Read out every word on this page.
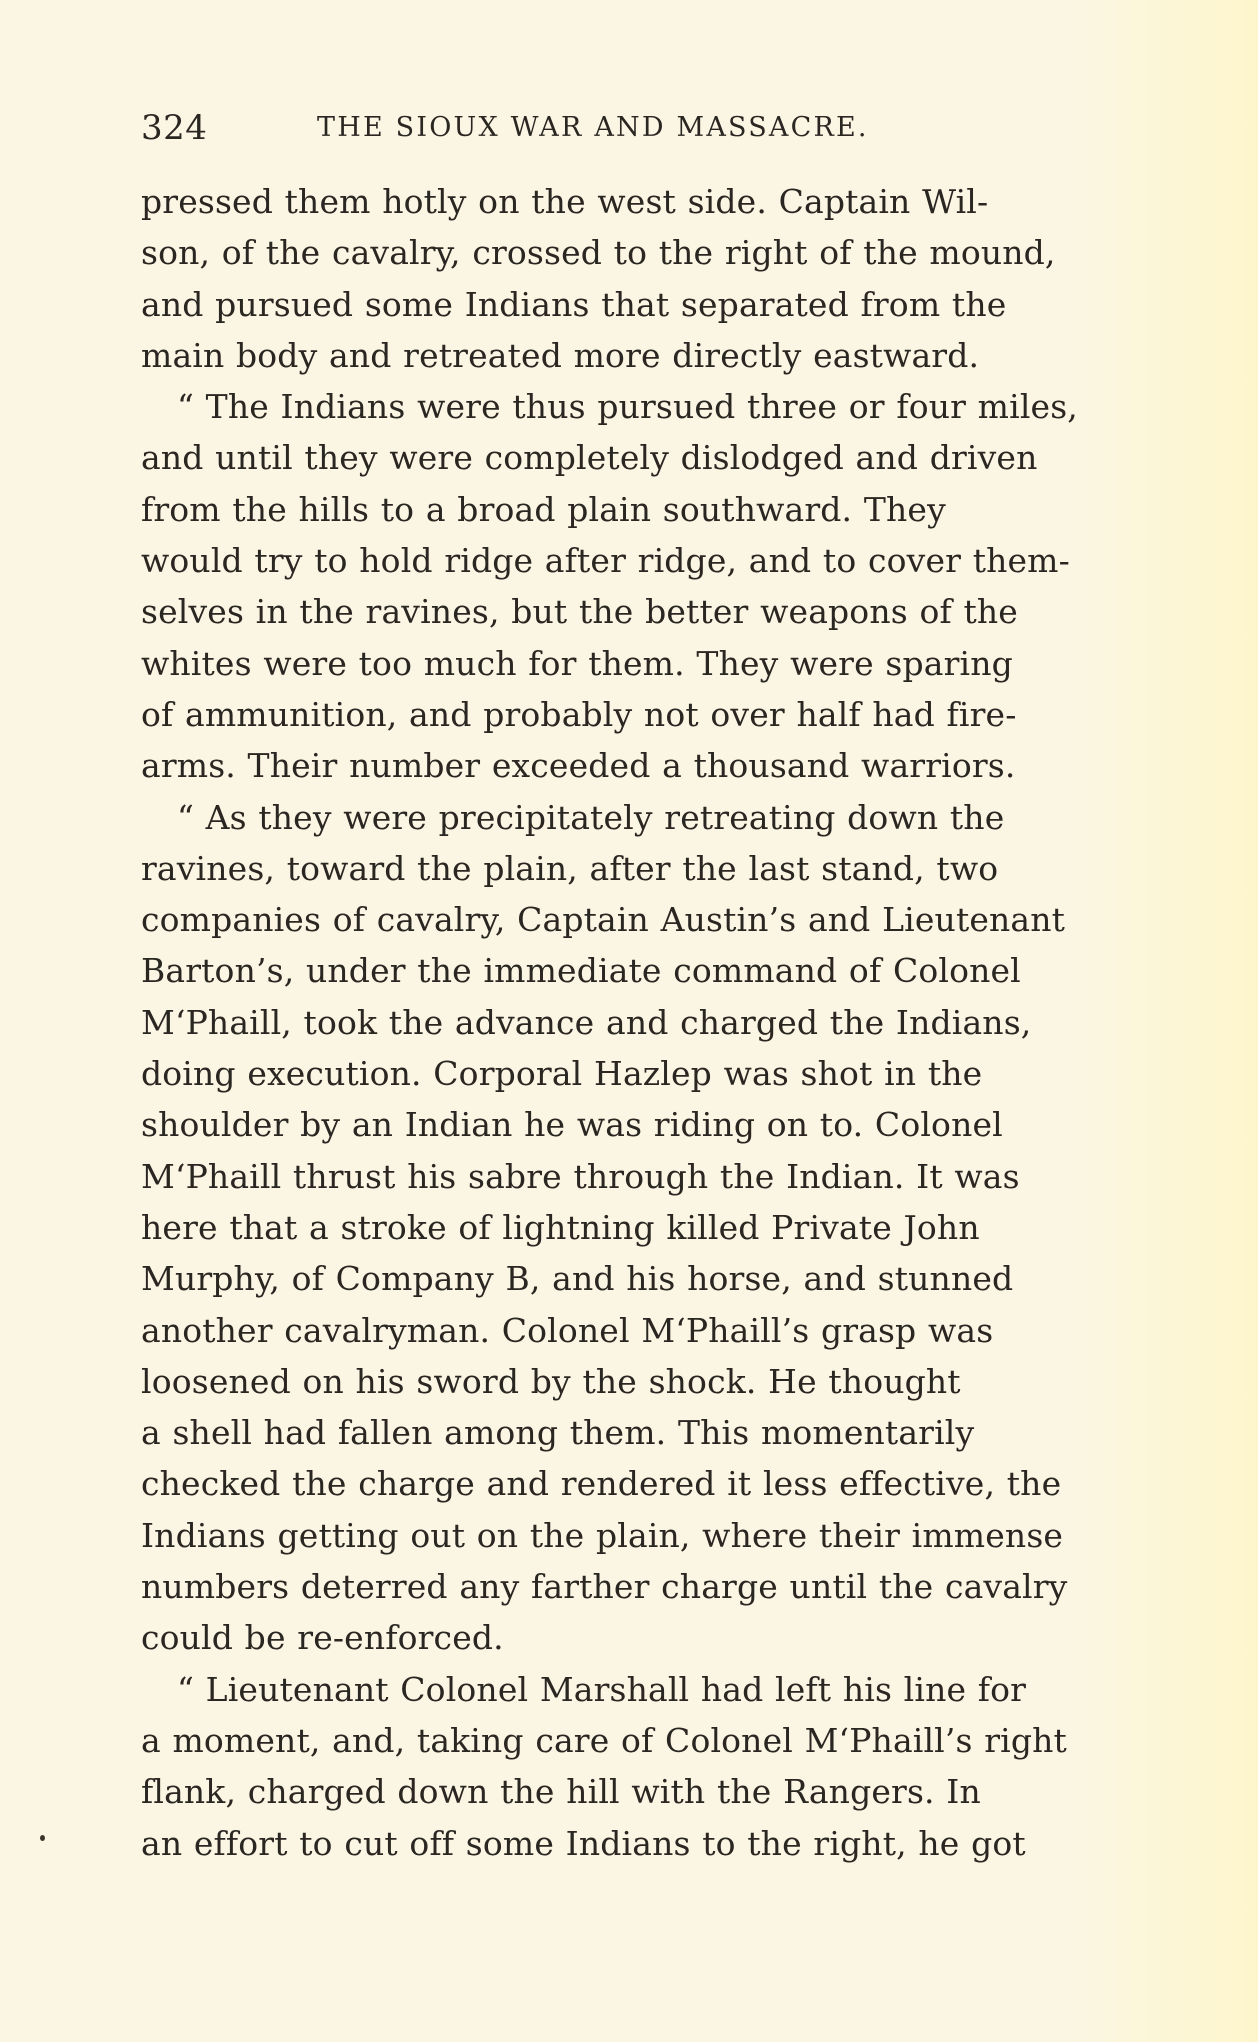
324	THE SIOUX WAR AND MASSACRE.
pressed them hotly on the west side. Captain Wil-
son, of the cavalry, crossed to the right of the mound,
and pursued some Indians that separated from the
main body and retreated more directly eastward.
“ The Indians were thus pursued three or four miles,
and until they were completely dislodged and driven
from the hills to a broad plain southward. They
would try to hold ridge after ridge, and to cover them-
selves in the ravines, but the better weapons of the
whites were too much for them. They were sparing
of ammunition, and probably not over half had fire-
arms. Their number exceeded a thousand warriors.
“ As they were precipitately retreating down the
ravines, toward the plain, after the last stand, two
companies of cavalry, Captain Austin’s and Lieutenant
Barton’s, under the immediate command of Colonel
M‘Phaill, took the advance and charged the Indians,
doing execution. Corporal Hazlep was shot in the
shoulder by an Indian he was riding on to. Colonel
M‘Phaill thrust his sabre through the Indian. It was
here that a stroke of lightning killed Private John
Murphy, of Company B, and his horse, and stunned
another cavalryman. Colonel M‘Phaill’s grasp was
loosened on his sword by the shock. He thought
a shell had fallen among them. This momentarily
checked the charge and rendered it less effective, the
Indians getting out on the plain, where their immense
numbers deterred any farther charge until the cavalry
could be re-enforced.
“ Lieutenant Colonel Marshall had left his line for
a moment, and, taking care of Colonel M‘Phaill’s right
flank, charged down the hill with the Rangers. In
an effort to cut off some Indians to the right, he got
